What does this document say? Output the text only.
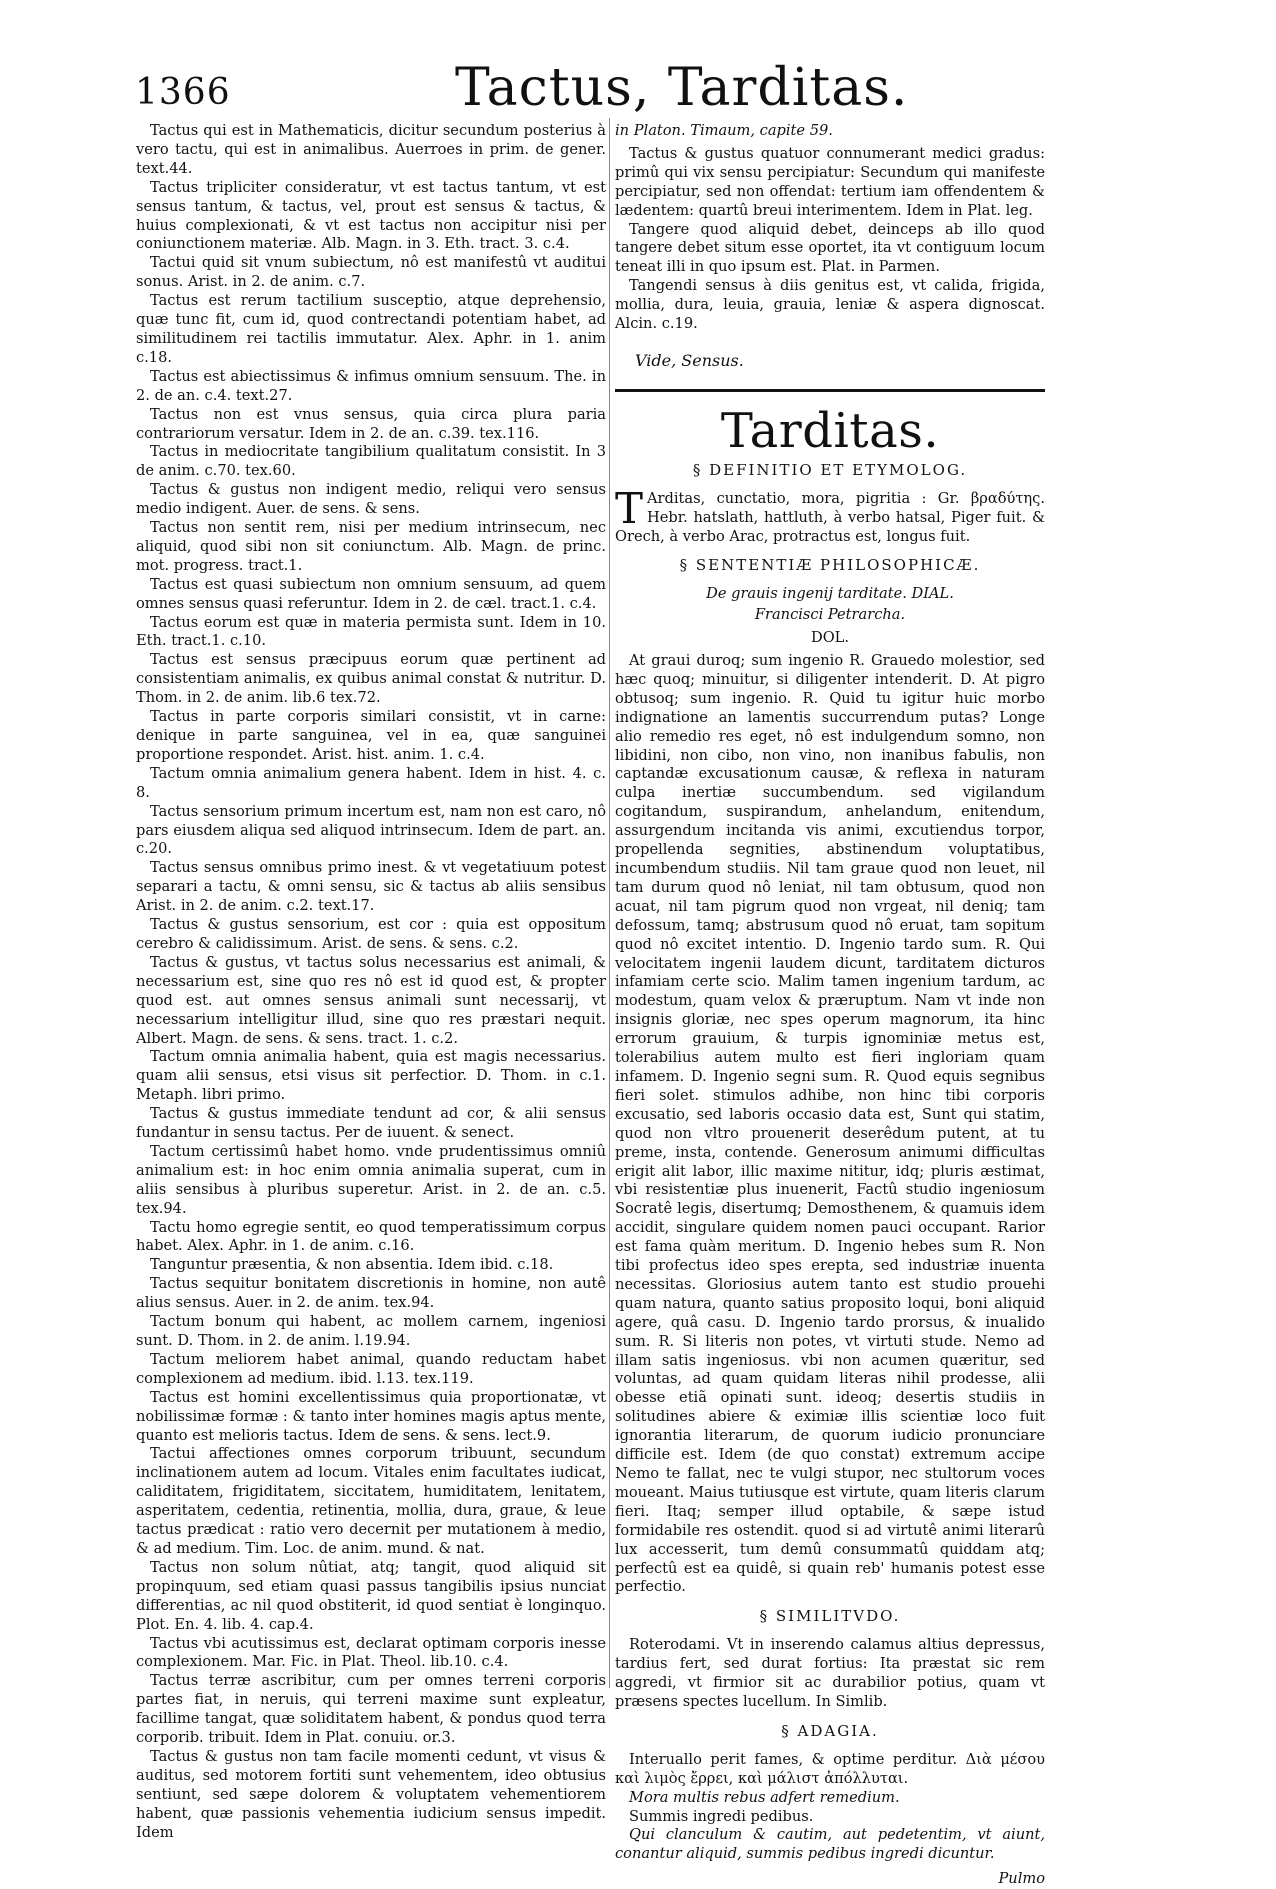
1366	Tactus, Tarditas.

Tactus qui est in Mathematicis, dicitur secundum posterius à vero tactu, qui est in animalibus. Auerroes in prim. de gener. text.44.

Tactus tripliciter consideratur, vt est tactus tantum, vt est sensus tantum, & tactus, vel, prout est sensus & tactus, & huius complexionati, & vt est tactus non accipitur nisi per coniunctionem materiæ. Alb. Magn. in 3. Eth. tract. 3. c.4.

Tactui quid sit vnum subiectum, nô est manifestû vt auditui sonus. Arist. in 2. de anim. c.7.

Tactus est rerum tactilium susceptio, atque deprehensio, quæ tunc fit, cum id, quod contrectandi potentiam habet, ad similitudinem rei tactilis immutatur. Alex. Aphr. in 1. anim c.18.

Tactus est abiectissimus & infimus omnium sensuum. The. in 2. de an. c.4. text.27.

Tactus non est vnus sensus, quia circa plura paria contrariorum versatur. Idem in 2. de an. c.39. tex.116.

Tactus in mediocritate tangibilium qualitatum consistit. In 3 de anim. c.70. tex.60.

Tactus & gustus non indigent medio, reliqui vero sensus medio indigent. Auer. de sens. & sens.

Tactus non sentit rem, nisi per medium intrinsecum, nec aliquid, quod sibi non sit coniunctum. Alb. Magn. de princ. mot. progress. tract.1.

Tactus est quasi subiectum non omnium sensuum, ad quem omnes sensus quasi referuntur. Idem in 2. de cæl. tract.1. c.4.

Tactus eorum est quæ in materia permista sunt. Idem in 10. Eth. tract.1. c.10.

Tactus est sensus præcipuus eorum quæ pertinent ad consistentiam animalis, ex quibus animal constat & nutritur. D. Thom. in 2. de anim. lib.6 tex.72.

Tactus in parte corporis similari consistit, vt in carne: denique in parte sanguinea, vel in ea, quæ sanguinei proportione respondet. Arist. hist. anim. 1. c.4.

Tactum omnia animalium genera habent. Idem in hist. 4. c. 8.

Tactus sensorium primum incertum est, nam non est caro, nô pars eiusdem aliqua sed aliquod intrinsecum. Idem de part. an. c.20.

Tactus sensus omnibus primo inest. & vt vegetatiuum potest separari a tactu, & omni sensu, sic & tactus ab aliis sensibus Arist. in 2. de anim. c.2. text.17.

Tactus & gustus sensorium, est cor : quia est oppositum cerebro & calidissimum. Arist. de sens. & sens. c.2.

Tactus & gustus, vt tactus solus necessarius est animali, & necessarium est, sine quo res nô est id quod est, & propter quod est. aut omnes sensus animali sunt necessarij, vt necessarium intelligitur illud, sine quo res præstari nequit. Albert. Magn. de sens. & sens. tract. 1. c.2.

Tactum omnia animalia habent, quia est magis necessarius. quam alii sensus, etsi visus sit perfectior. D. Thom. in c.1. Metaph. libri primo.

Tactus & gustus immediate tendunt ad cor, & alii sensus fundantur in sensu tactus. Per de iuuent. & senect.

Tactum certissimû habet homo. vnde prudentissimus omniû animalium est: in hoc enim omnia animalia superat, cum in aliis sensibus à pluribus superetur. Arist. in 2. de an. c.5. tex.94.

Tactu homo egregie sentit, eo quod temperatissimum corpus habet. Alex. Aphr. in 1. de anim. c.16.

Tanguntur præsentia, & non absentia. Idem ibid. c.18.

Tactus sequitur bonitatem discretionis in homine, non autê alius sensus. Auer. in 2. de anim. tex.94.

Tactum bonum qui habent, ac mollem carnem, ingeniosi sunt. D. Thom. in 2. de anim. l.19.94.

Tactum meliorem habet animal, quando reductam habet complexionem ad medium. ibid. l.13. tex.119.

Tactus est homini excellentissimus quia proportionatæ, vt nobilissimæ formæ : & tanto inter homines magis aptus mente, quanto est melioris tactus. Idem de sens. & sens. lect.9.

Tactui affectiones omnes corporum tribuunt, secundum inclinationem autem ad locum. Vitales enim facultates iudicat, caliditatem, frigiditatem, siccitatem, humiditatem, lenitatem, asperitatem, cedentia, retinentia, mollia, dura, graue, & leue tactus prædicat : ratio vero decernit per mutationem à medio, & ad medium. Tim. Loc. de anim. mund. & nat.

Tactus non solum nûtiat, atq; tangit, quod aliquid sit propinquum, sed etiam quasi passus tangibilis ipsius nunciat differentias, ac nil quod obstiterit, id quod sentiat è longinquo. Plot. En. 4. lib. 4. cap.4.

Tactus vbi acutissimus est, declarat optimam corporis inesse complexionem. Mar. Fic. in Plat. Theol. lib.10. c.4.

Tactus terræ ascribitur, cum per omnes terreni corporis partes fiat, in neruis, qui terreni maxime sunt expleatur, facillime tangat, quæ soliditatem habent, & pondus quod terra corporib. tribuit. Idem in Plat. conuiu. or.3.

Tactus & gustus non tam facile momenti cedunt, vt visus & auditus, sed motorem fortiti sunt vehementem, ideo obtusius sentiunt, sed sæpe dolorem & voluptatem vehementiorem habent, quæ passionis vehementia iudicium sensus impedit. Idem

in Platon. Timaum, capite 59.

Tactus & gustus quatuor connumerant medici gradus: primû qui vix sensu percipiatur: Secundum qui manifeste percipiatur, sed non offendat: tertium iam offendentem & lædentem: quartû breui interimentem. Idem in Plat. leg.

Tangere quod aliquid debet, deinceps ab illo quod tangere debet situm esse oportet, ita vt contiguum locum teneat illi in quo ipsum est. Plat. in Parmen.

Tangendi sensus à diis genitus est, vt calida, frigida, mollia, dura, leuia, grauia, leniæ & aspera dignoscat. Alcin. c.19.

Vide, Sensus.

Tarditas.
§ DEFINITIO ET ETYMOLOG.

T Arditas, cunctatio, mora, pigritia : Gr. βραδύτης. Hebr. hatslath, hattluth, à verbo hatsal, Piger fuit. & Orech, à verbo Arac, protractus est, longus fuit.

§ SENTENTIÆ PHILOSOPHICÆ.

De grauis ingenij tarditate. DIAL.

Francisci Petrarcha.

DOL.

At graui duroq; sum ingenio R. Grauedo molestior, sed hæc quoq; minuitur, si diligenter intenderit. D. At pigro obtusoq; sum ingenio. R. Quid tu igitur huic morbo indignatione an lamentis succurrendum putas? Longe alio remedio res eget, nô est indulgendum somno, non libidini, non cibo, non vino, non inanibus fabulis, non captandæ excusationum causæ, & reflexa in naturam culpa inertiæ succumbendum. sed vigilandum cogitandum, suspirandum, anhelandum, enitendum, assurgendum incitanda vis animi, excutiendus torpor, propellenda segnities, abstinendum voluptatibus, incumbendum studiis. Nil tam graue quod non leuet, nil tam durum quod nô leniat, nil tam obtusum, quod non acuat, nil tam pigrum quod non vrgeat, nil deniq; tam defossum, tamq; abstrusum quod nô eruat, tam sopitum quod nô excitet intentio. D. Ingenio tardo sum. R. Qui velocitatem ingenii laudem dicunt, tarditatem dicturos infamiam certe scio. Malim tamen ingenium tardum, ac modestum, quam velox & præruptum. Nam vt inde non insignis gloriæ, nec spes operum magnorum, ita hinc errorum grauium, & turpis ignominiæ metus est, tolerabilius autem multo est fieri ingloriam quam infamem. D. Ingenio segni sum. R. Quod equis segnibus fieri solet. stimulos adhibe, non hinc tibi corporis excusatio, sed laboris occasio data est, Sunt qui statim, quod non vltro prouenerit deserêdum putent, at tu preme, insta, contende. Generosum animumi difficultas erigit alit labor, illic maxime nititur, idq; pluris æstimat, vbi resistentiæ plus inuenerit, Factû studio ingeniosum Socratê legis, disertumq; Demosthenem, & quamuis idem accidit, singulare quidem nomen pauci occupant. Rarior est fama quàm meritum. D. Ingenio hebes sum R. Non tibi profectus ideo spes erepta, sed industriæ inuenta necessitas. Gloriosius autem tanto est studio prouehi quam natura, quanto satius proposito loqui, boni aliquid agere, quâ casu. D. Ingenio tardo prorsus, & inualido sum. R. Si literis non potes, vt virtuti stude. Nemo ad illam satis ingeniosus. vbi non acumen quæritur, sed voluntas, ad quam quidam literas nihil prodesse, alii obesse etiã opinati sunt. ideoq; desertis studiis in solitudines abiere & eximiæ illis scientiæ loco fuit ignorantia literarum, de quorum iudicio pronunciare difficile est. Idem (de quo constat) extremum accipe Nemo te fallat, nec te vulgi stupor, nec stultorum voces moueant. Maius tutiusque est virtute, quam literis clarum fieri. Itaq; semper illud optabile, & sæpe istud formidabile res ostendit. quod si ad virtutê animi literarû lux accesserit, tum demû consummatû quiddam atq; perfectû est ea quidê, si quain reb' humanis potest esse perfectio.

§ SIMILITVDO.

Roterodami. Vt in inserendo calamus altius depressus, tardius fert, sed durat fortius: Ita præstat sic rem aggredi, vt firmior sit ac durabilior potius, quam vt præsens spectes lucellum. In Simlib.

§ ADAGIA.

Interuallo perit fames, & optime perditur. Διὰ μέσου καὶ λιμὸς ἔρρει, καὶ μάλιστ ἀπόλλυται.

Mora multis rebus adfert remedium.

Summis ingredi pedibus.

Qui clanculum & cautim, aut pedetentim, vt aiunt, conantur aliquid, summis pedibus ingredi dicuntur.

Pulmo
